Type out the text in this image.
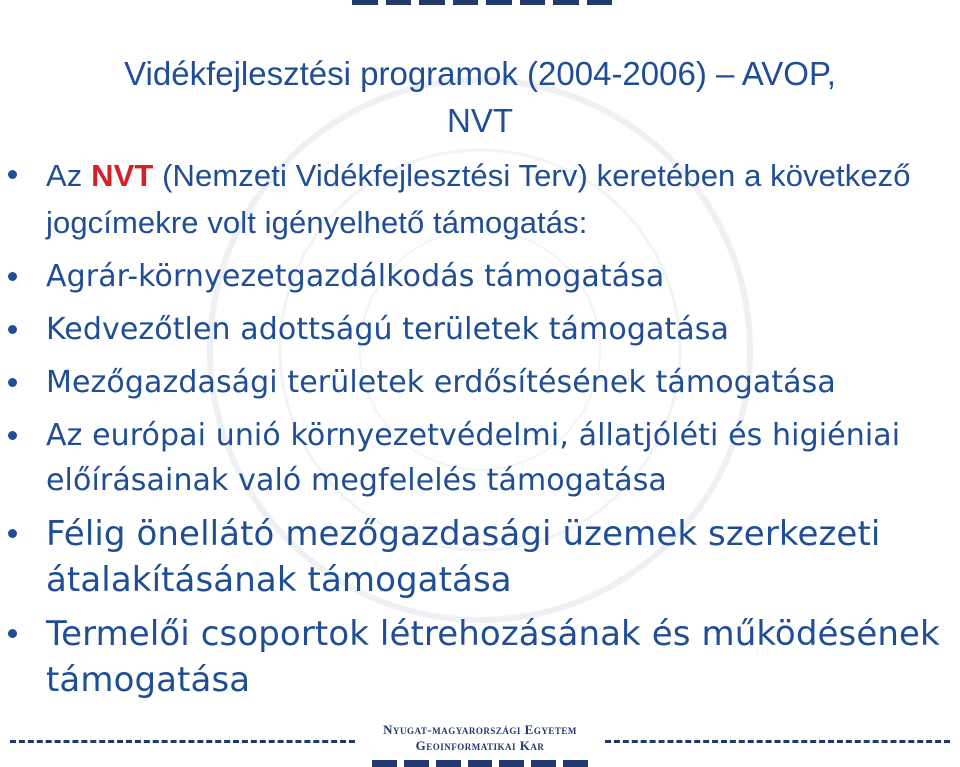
Vidékfejlesztési programok (2004-2006) – AVOP,
NVT
Az NVT (Nemzeti Vidékfejlesztési Terv) keretében a következő jogcímekre volt igényelhető támogatás:
Agrár-környezetgazdálkodás támogatása
Kedvezőtlen adottságú területek támogatása
Mezőgazdasági területek erdősítésének támogatása
Az európai unió környezetvédelmi, állatjóléti és higiéniai előírásainak való megfelelés támogatása
Félig önellátó mezőgazdasági üzemek szerkezeti átalakításának támogatása
Termelői csoportok létrehozásának és működésének támogatása
Nyugat-magyarországi Egyetem
Geoinformatikai Kar
